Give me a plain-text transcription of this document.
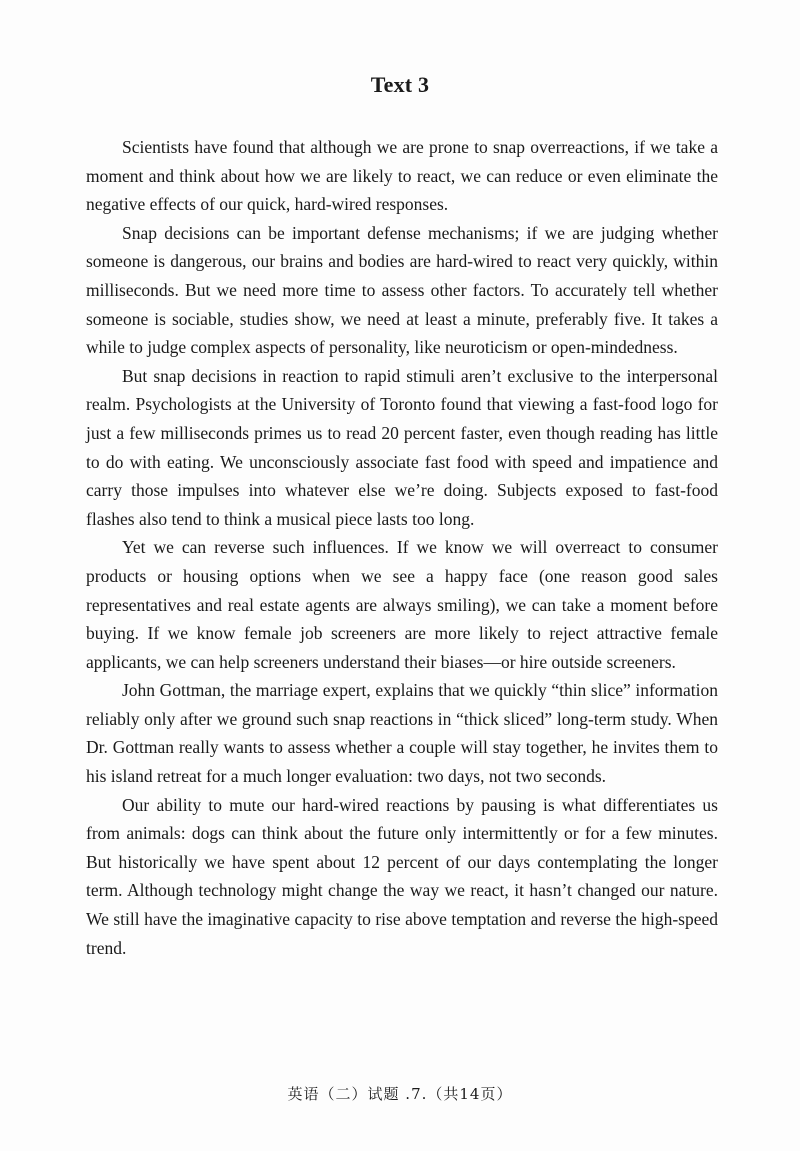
Text 3

Scientists have found that although we are prone to snap overreactions, if we take a moment and think about how we are likely to react, we can reduce or even eliminate the negative effects of our quick, hard-wired responses.

Snap decisions can be important defense mechanisms; if we are judging whether someone is dangerous, our brains and bodies are hard-wired to react very quickly, within milliseconds. But we need more time to assess other factors. To accurately tell whether someone is sociable, studies show, we need at least a minute, preferably five. It takes a while to judge complex aspects of personality, like neuroticism or open-mindedness.

But snap decisions in reaction to rapid stimuli aren’t exclusive to the interpersonal realm. Psychologists at the University of Toronto found that viewing a fast-food logo for just a few milliseconds primes us to read 20 percent faster, even though reading has little to do with eating. We unconsciously associate fast food with speed and impatience and carry those impulses into whatever else we’re doing. Subjects exposed to fast-food flashes also tend to think a musical piece lasts too long.

Yet we can reverse such influences. If we know we will overreact to consumer products or housing options when we see a happy face (one reason good sales representatives and real estate agents are always smiling), we can take a moment before buying. If we know female job screeners are more likely to reject attractive female applicants, we can help screeners understand their biases—or hire outside screeners.

John Gottman, the marriage expert, explains that we quickly “thin slice” information reliably only after we ground such snap reactions in “thick sliced” long-term study. When Dr. Gottman really wants to assess whether a couple will stay together, he invites them to his island retreat for a much longer evaluation: two days, not two seconds.

Our ability to mute our hard-wired reactions by pausing is what differentiates us from animals: dogs can think about the future only intermittently or for a few minutes. But historically we have spent about 12 percent of our days contemplating the longer term. Although technology might change the way we react, it hasn’t changed our nature. We still have the imaginative capacity to rise above temptation and reverse the high-speed trend.

英语（二）试题 .7.（共14页）
